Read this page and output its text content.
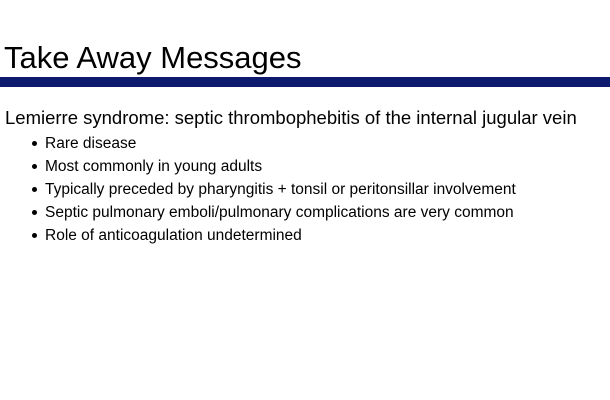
Take Away Messages

Lemierre syndrome: septic thrombophebitis of the internal jugular vein

Rare disease
Most commonly in young adults
Typically preceded by pharyngitis + tonsil or peritonsillar involvement
Septic pulmonary emboli/pulmonary complications are very common
Role of anticoagulation undetermined
